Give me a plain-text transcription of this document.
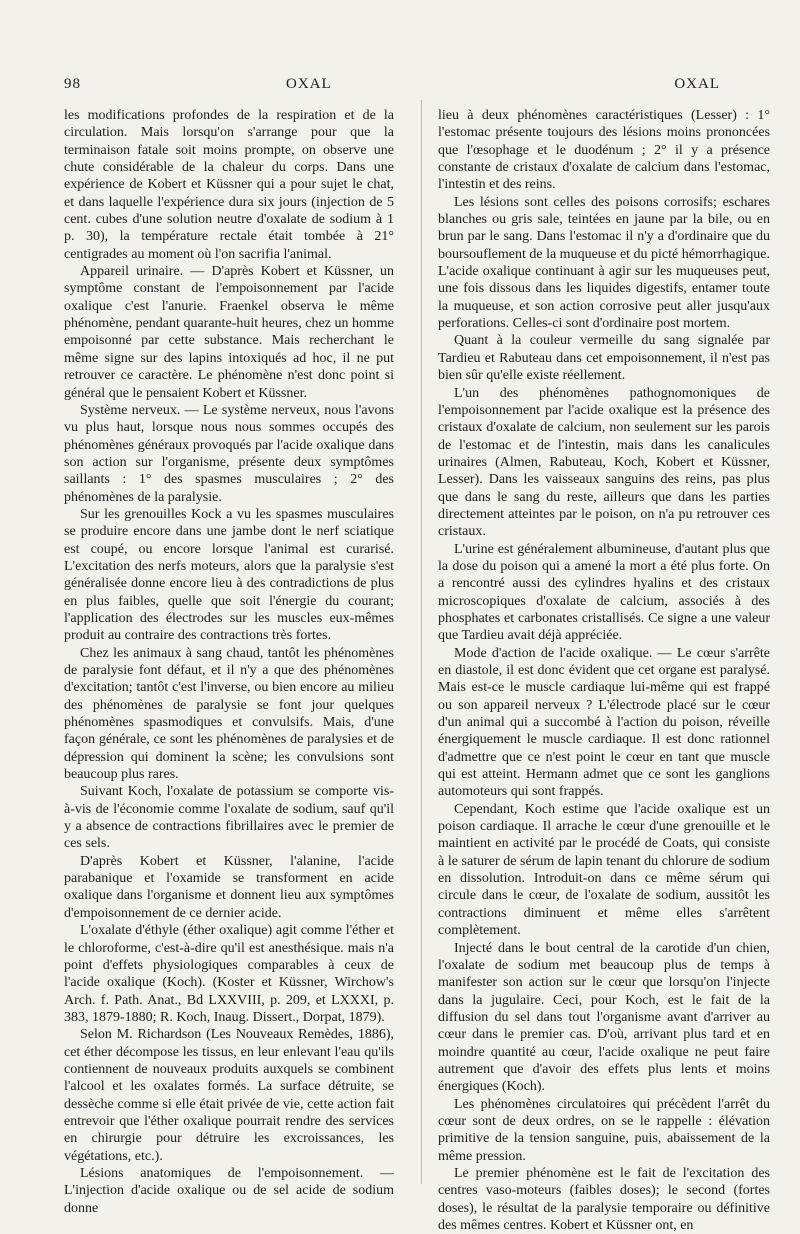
98	OXAL	OXAL

les modifications profondes de la respiration et de la circulation. Mais lorsqu'on s'arrange pour que la terminaison fatale soit moins prompte, on observe une chute considérable de la chaleur du corps. Dans une expérience de Kobert et Küssner qui a pour sujet le chat, et dans laquelle l'expérience dura six jours (injection de 5 cent. cubes d'une solution neutre d'oxalate de sodium à 1 p. 30), la température rectale était tombée à 21° centigrades au moment où l'on sacrifia l'animal.

Appareil urinaire. — D'après Kobert et Küssner, un symptôme constant de l'empoisonnement par l'acide oxalique c'est l'anurie. Fraenkel observa le même phénomène, pendant quarante-huit heures, chez un homme empoisonné par cette substance. Mais recherchant le même signe sur des lapins intoxiqués ad hoc, il ne put retrouver ce caractère. Le phénomène n'est donc point si général que le pensaient Kobert et Küssner.

Système nerveux. — Le système nerveux, nous l'avons vu plus haut, lorsque nous nous sommes occupés des phénomènes généraux provoqués par l'acide oxalique dans son action sur l'organisme, présente deux symptômes saillants : 1° des spasmes musculaires ; 2° des phénomènes de la paralysie.

Sur les grenouilles Kock a vu les spasmes musculaires se produire encore dans une jambe dont le nerf sciatique est coupé, ou encore lorsque l'animal est curarisé. L'excitation des nerfs moteurs, alors que la paralysie s'est généralisée donne encore lieu à des contradictions de plus en plus faibles, quelle que soit l'énergie du courant; l'application des électrodes sur les muscles eux-mêmes produit au contraire des contractions très fortes.

Chez les animaux à sang chaud, tantôt les phénomènes de paralysie font défaut, et il n'y a que des phénomènes d'excitation; tantôt c'est l'inverse, ou bien encore au milieu des phénomènes de paralysie se font jour quelques phénomènes spasmodiques et convulsifs. Mais, d'une façon générale, ce sont les phénomènes de paralysies et de dépression qui dominent la scène; les convulsions sont beaucoup plus rares.

Suivant Koch, l'oxalate de potassium se comporte vis-à-vis de l'économie comme l'oxalate de sodium, sauf qu'il y a absence de contractions fibrillaires avec le premier de ces sels.

D'après Kobert et Küssner, l'alanine, l'acide parabanique et l'oxamide se transforment en acide oxalique dans l'organisme et donnent lieu aux symptômes d'empoisonnement de ce dernier acide.

L'oxalate d'éthyle (éther oxalique) agit comme l'éther et le chloroforme, c'est-à-dire qu'il est anesthésique. mais n'a point d'effets physiologiques comparables à ceux de l'acide oxalique (Koch). (Koster et Küssner, Wirchow's Arch. f. Path. Anat., Bd LXXVIII, p. 209, et LXXXI, p. 383, 1879-1880; R. Koch, Inaug. Dissert., Dorpat, 1879).

Selon M. Richardson (Les Nouveaux Remèdes, 1886), cet éther décompose les tissus, en leur enlevant l'eau qu'ils contiennent de nouveaux produits auxquels se combinent l'alcool et les oxalates formés. La surface détruite, se dessèche comme si elle était privée de vie, cette action fait entrevoir que l'éther oxalique pourrait rendre des services en chirurgie pour détruire les excroissances, les végétations, etc.).

Lésions anatomiques de l'empoisonnement. — L'injection d'acide oxalique ou de sel acide de sodium donne

lieu à deux phénomènes caractéristiques (Lesser) : 1° l'estomac présente toujours des lésions moins prononcées que l'œsophage et le duodénum ; 2° il y a présence constante de cristaux d'oxalate de calcium dans l'estomac, l'intestin et des reins.

Les lésions sont celles des poisons corrosifs; eschares blanches ou gris sale, teintées en jaune par la bile, ou en brun par le sang. Dans l'estomac il n'y a d'ordinaire que du boursouflement de la muqueuse et du picté hémorrhagique. L'acide oxalique continuant à agir sur les muqueuses peut, une fois dissous dans les liquides digestifs, entamer toute la muqueuse, et son action corrosive peut aller jusqu'aux perforations. Celles-ci sont d'ordinaire post mortem.

Quant à la couleur vermeille du sang signalée par Tardieu et Rabuteau dans cet empoisonnement, il n'est pas bien sûr qu'elle existe réellement.

L'un des phénomènes pathognomoniques de l'empoisonnement par l'acide oxalique est la présence des cristaux d'oxalate de calcium, non seulement sur les parois de l'estomac et de l'intestin, mais dans les canalicules urinaires (Almen, Rabuteau, Koch, Kobert et Küssner, Lesser). Dans les vaisseaux sanguins des reins, pas plus que dans le sang du reste, ailleurs que dans les parties directement atteintes par le poison, on n'a pu retrouver ces cristaux.

L'urine est généralement albumineuse, d'autant plus que la dose du poison qui a amené la mort a été plus forte. On a rencontré aussi des cylindres hyalins et des cristaux microscopiques d'oxalate de calcium, associés à des phosphates et carbonates cristallisés. Ce signe a une valeur que Tardieu avait déjà appréciée.

Mode d'action de l'acide oxalique. — Le cœur s'arrête en diastole, il est donc évident que cet organe est paralysé. Mais est-ce le muscle cardiaque lui-même qui est frappé ou son appareil nerveux ? L'électrode placé sur le cœur d'un animal qui a succombé à l'action du poison, réveille énergiquement le muscle cardiaque. Il est donc rationnel d'admettre que ce n'est point le cœur en tant que muscle qui est atteint. Hermann admet que ce sont les ganglions automoteurs qui sont frappés.

Cependant, Koch estime que l'acide oxalique est un poison cardiaque. Il arrache le cœur d'une grenouille et le maintient en activité par le procédé de Coats, qui consiste à le saturer de sérum de lapin tenant du chlorure de sodium en dissolution. Introduit-on dans ce même sérum qui circule dans le cœur, de l'oxalate de sodium, aussitôt les contractions diminuent et même elles s'arrêtent complètement.

Injecté dans le bout central de la carotide d'un chien, l'oxalate de sodium met beaucoup plus de temps à manifester son action sur le cœur que lorsqu'on l'injecte dans la jugulaire. Ceci, pour Koch, est le fait de la diffusion du sel dans tout l'organisme avant d'arriver au cœur dans le premier cas. D'où, arrivant plus tard et en moindre quantité au cœur, l'acide oxalique ne peut faire autrement que d'avoir des effets plus lents et moins énergiques (Koch).

Les phénomènes circulatoires qui précèdent l'arrêt du cœur sont de deux ordres, on se le rappelle : élévation primitive de la tension sanguine, puis, abaissement de la même pression.

Le premier phénomène est le fait de l'excitation des centres vaso-moteurs (faibles doses); le second (fortes doses), le résultat de la paralysie temporaire ou définitive des mêmes centres. Kobert et Küssner ont, en
